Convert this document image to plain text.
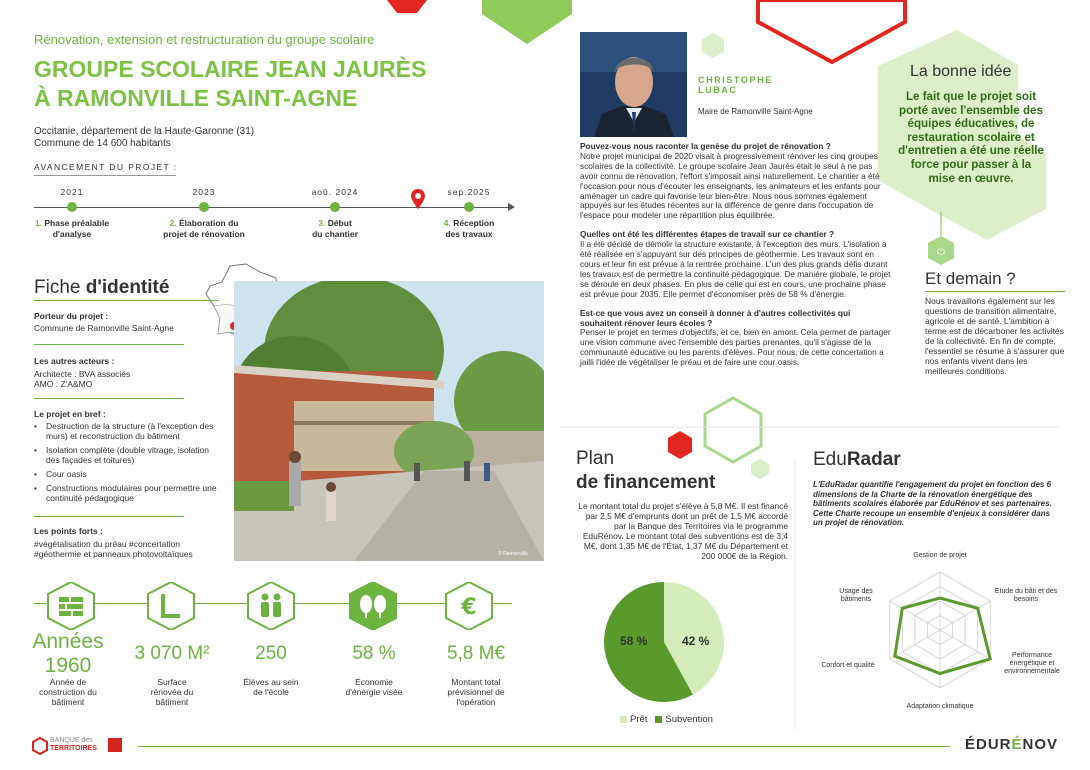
⏻
Rénovation, extension et restructuration du groupe scolaire
GROUPE SCOLAIRE JEAN JAURÈS
À RAMONVILLE SAINT-AGNE
Occitanie, département de la Haute-Garonne (31)
Commune de 14 600 habitants
AVANCEMENT DU PROJET :
2021	2023	aoû. 2024	sep.2025
1. Phase préalable
d'analyse
2. Élaboration du
projet de rénovation
3. Début
du chantier
4. Réception
des travaux
Fiche d'identité
Porteur du projet :
Commune de Ramonville Saint-Agne
Les autres acteurs :
Architecte : BVA associés
AMO : Z'A&MO
Le projet en bref :
• Destruction de la structure (à l'exception des murs) et reconstruction du bâtiment
• Isolation complète (double vitrage, isolation des façades et toitures)
• Cour oasis
• Constructions modulaires pour permettre une continuité pédagogique
Les points forts :
#végétalisation du préau #concertation
#géothermie et panneaux photovoltaïques	© Ramonvilla
€
Années
1960
3 070 M²	250	58 %	5,8 M€
Année de
construction du
bâtiment
Surface
rénovée du
bâtiment
Élèves au sein
de l'école
Économie
d'énergie visée
Montant total
prévisionnel de
l'opération
BANQUE des
TERRITOIRES	ÉDURÉNOV
CHRISTOPHE
LUBAC
Maire de Ramonville Saint-Agne

Pouvez-vous nous raconter la genèse du projet de rénovation ?
Notre projet municipal de 2020 visait à progressivement rénover les cinq groupes scolaires de la collectivité. Le groupe scolaire Jean Jaurès était le seul à ne pas avoir connu de rénovation, l'effort s'imposait ainsi naturellement. Le chantier a été l'occasion pour nous d'écouter les enseignants, les animateurs et les enfants pour aménager un cadre qui favorise leur bien-être. Nous nous sommes également appuyés sur les études récentes sur la différence de genre dans l'occupation de l'espace pour modeler une répartition plus équilibrée.

Quelles ont été les différentes étapes de travail sur ce chantier ?
Il a été décidé de démolir la structure existante, à l'exception des murs. L'isolation a été réalisée en s'appuyant sur des principes de géothermie. Les travaux sont en cours et leur fin est prévue à la rentrée prochaine. L'un des plus grands défis durant les travaux est de permettre la continuité pédagogique. De manière globale, le projet se déroule en deux phases. En plus de celle qui est en cours, une prochaine phase est prévue pour 2035. Elle permet d'économiser près de 58 % d'énergie.

Est-ce que vous avez un conseil à donner à d'autres collectivités qui souhaitent rénover leurs écoles ?
Penser le projet en termes d'objectifs, et ce, bien en amont. Cela permet de partager une vision commune avec l'ensemble des parties prenantes, qu'il s'agisse de la communauté éducative ou les parents d'élèves. Pour nous, de cette concertation a jailli l'idée de végétaliser le préau et de faire une cour oasis.

La bonne idée
Le fait que le projet soit porté avec l'ensemble des équipes éducatives, de restauration scolaire et d'entretien a été une réelle force pour passer à la mise en œuvre.
Et demain ?
Nous travaillons également sur les questions de transition alimentaire, agricole et de santé. L'ambition à terme est de décarboner les activités de la collectivité. En fin de compte, l'essentiel se résume à s'assurer que nos enfants vivent dans les meilleures conditions.
Plan
de financement
Le montant total du projet s'élève à 5,8 M€. Il est financé par 2,5 M€ d'emprunts dont un prêt de 1,5 M€ accordé par la Banque des Territoires via le programme EduRénov. Le montant total des subventions est de 3,4 M€, dont 1,35 M€ de l'État, 1,37 M€ du Département et 200 000€ de la Région.
58 %	42 %
Prêt Subvention
EduRadar
L'EduRadar quantifie l'engagement du projet en fonction des 6 dimensions de la Charte de la rénovation énergétique des bâtiments scolaires élaborée par EduRénov et ses partenaires. Cette Charte recoupe un ensemble d'enjeux à considérer dans un projet de rénovation.
Gestion de projet
Etude du bâti et des besoins
Performance énergétique et environnementale
Adaptation climatique
Confort et qualité
Usage des bâtiments
